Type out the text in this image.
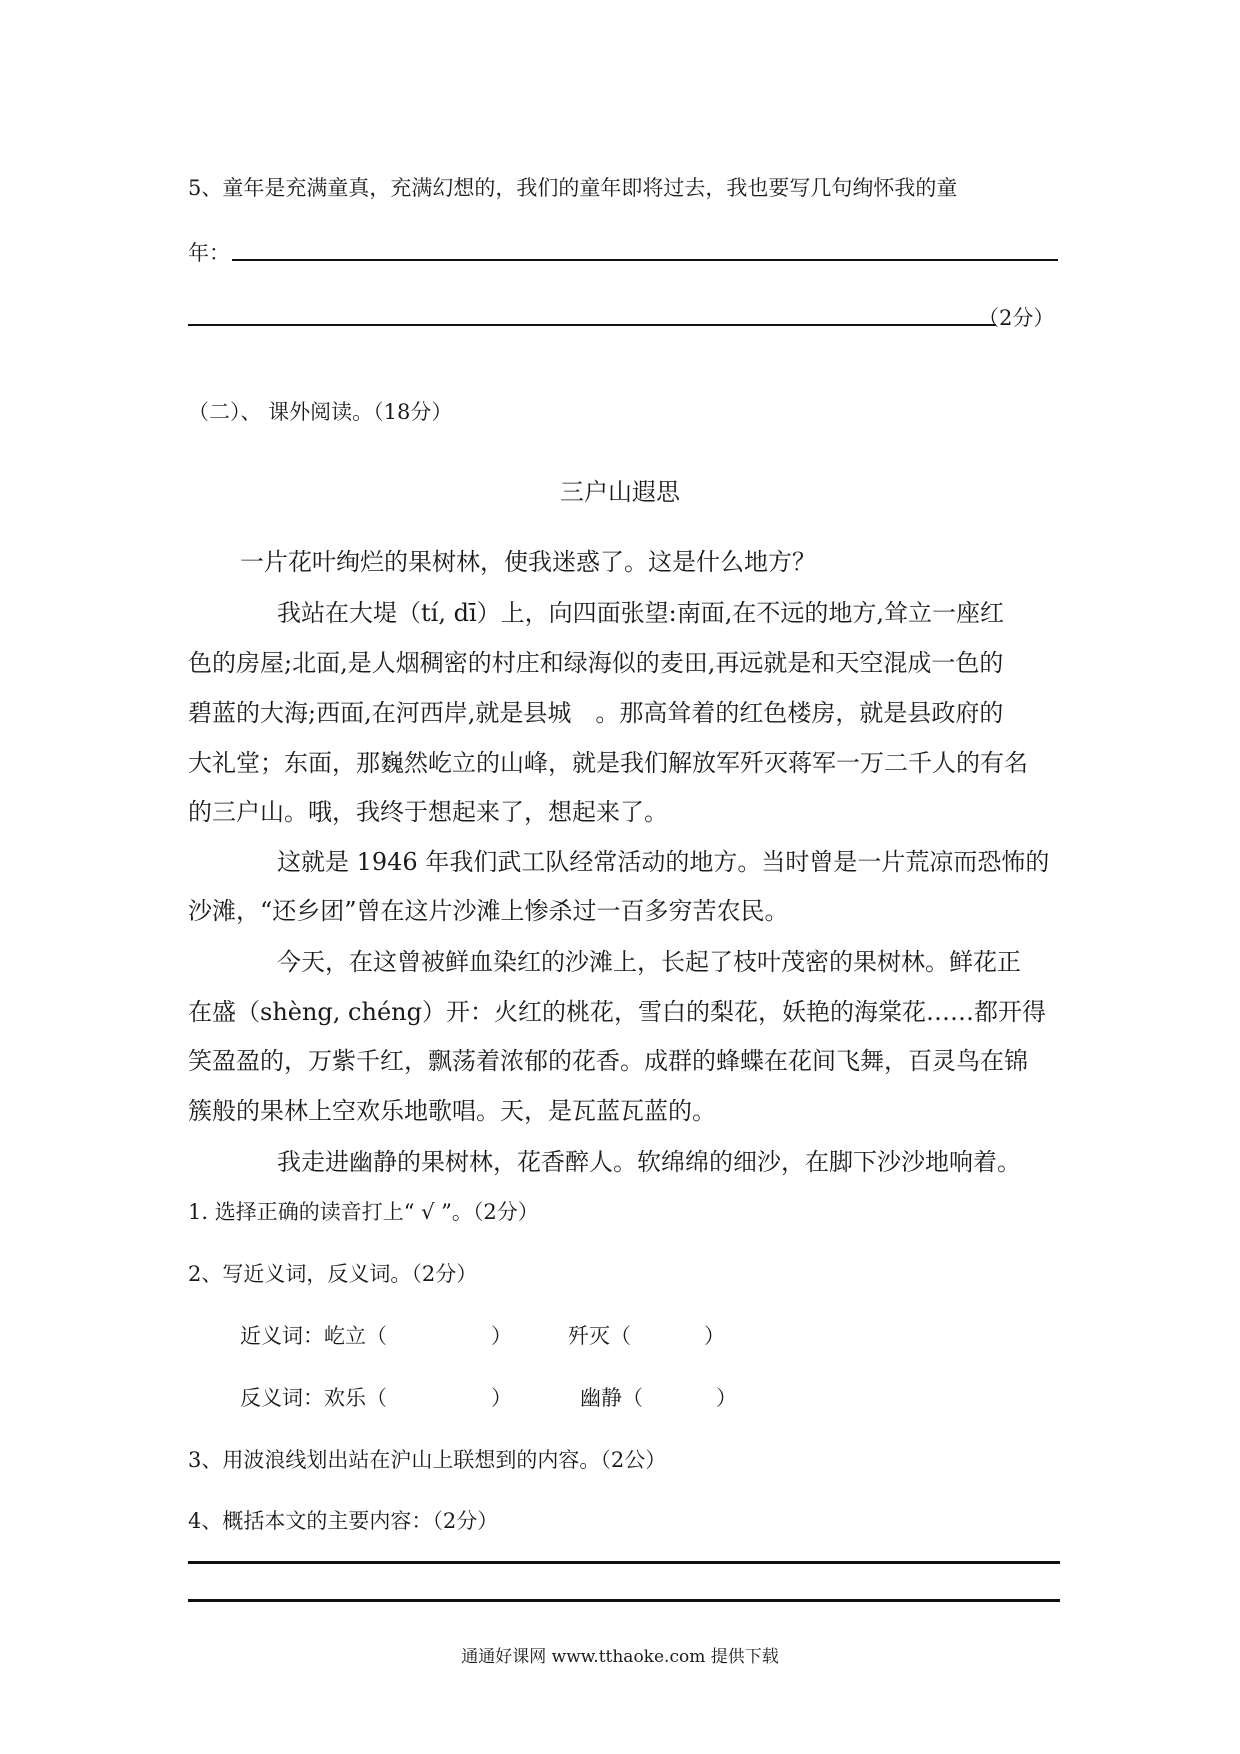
5、童年是充满童真，充满幻想的，我们的童年即将过去，我也要写几句绚怀我的童
年：
（2分）
（二）、 课外阅读。（18分）
三户山遐思
一片花叶绚烂的果树林，使我迷惑了。这是什么地方？
我站在大堤（tí, dī）上，向四面张望:南面,在不远的地方,耸立一座红
色的房屋;北面,是人烟稠密的村庄和绿海似的麦田,再远就是和天空混成一色的
碧蓝的大海;西面,在河西岸,就是县城　。那高耸着的红色楼房，就是县政府的
大礼堂；东面，那巍然屹立的山峰，就是我们解放军歼灭蒋军一万二千人的有名
的三户山。哦，我终于想起来了，想起来了。
这就是 1946 年我们武工队经常活动的地方。当时曾是一片荒凉而恐怖的
沙滩，“还乡团”曾在这片沙滩上惨杀过一百多穷苦农民。
今天，在这曾被鲜血染红的沙滩上，长起了枝叶茂密的果树林。鲜花正
在盛（shèng, chéng）开：火红的桃花，雪白的梨花，妖艳的海棠花……都开得
笑盈盈的，万紫千红，飘荡着浓郁的花香。成群的蜂蝶在花间飞舞，百灵鸟在锦
簇般的果林上空欢乐地歌唱。天，是瓦蓝瓦蓝的。
我走进幽静的果树林，花香醉人。软绵绵的细沙，在脚下沙沙地响着。
1. 选择正确的读音打上“ √ ”。（2分）
2、写近义词，反义词。（2分）
近义词：屹立（	）	歼灭（	）
反义词：欢乐（	）	幽静（	）
3、用波浪线划出站在沪山上联想到的内容。（2公）
4、概括本文的主要内容：（2分）
通通好课网 www.tthaoke.com 提供下载
